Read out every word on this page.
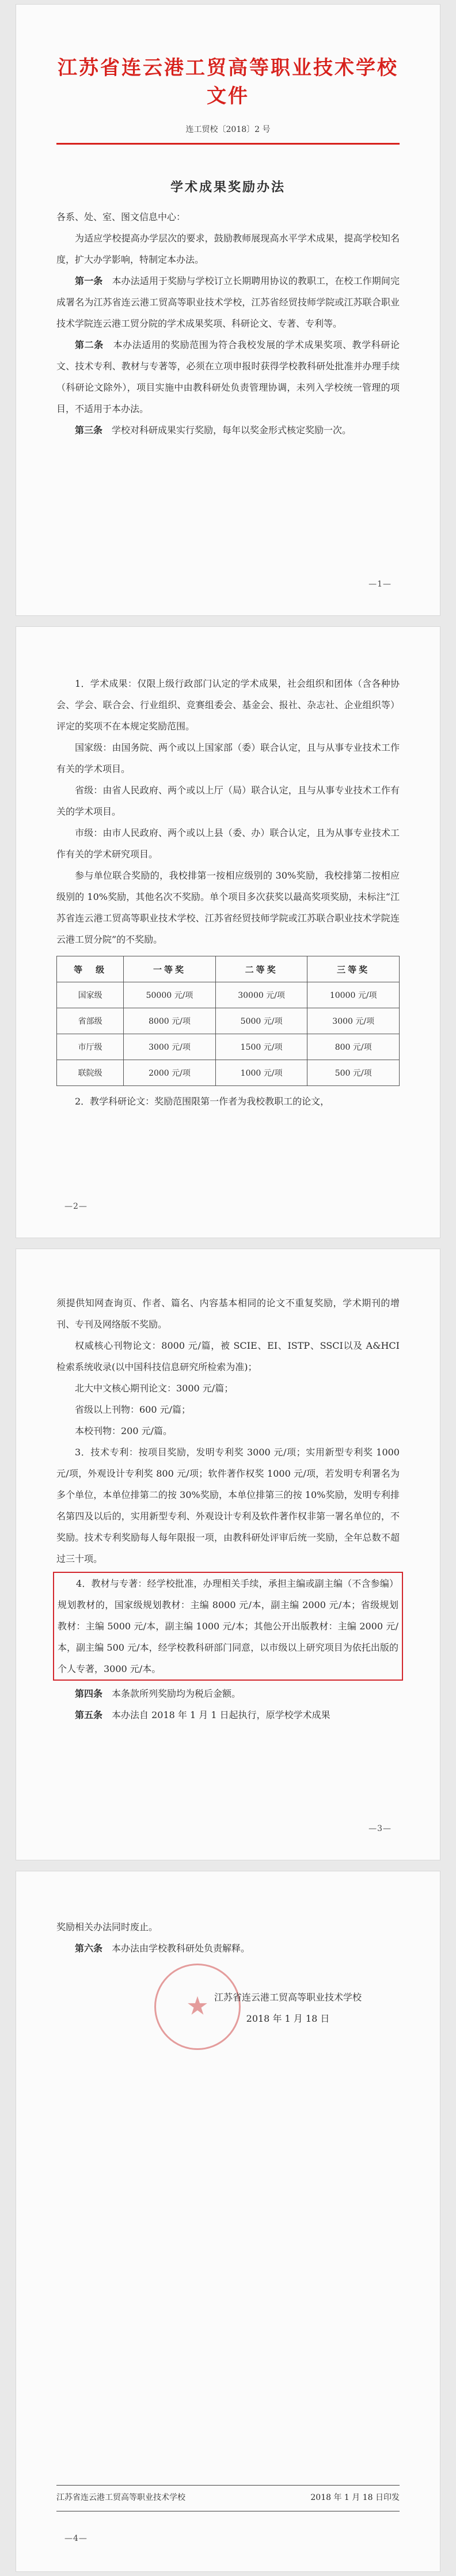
江苏省连云港工贸高等职业技术学校文件
连工贸校〔2018〕2 号
学术成果奖励办法

各系、处、室、图文信息中心：

为适应学校提高办学层次的要求，鼓励教师展现高水平学术成果，提高学校知名度，扩大办学影响，特制定本办法。

第一条　 本办法适用于奖励与学校订立长期聘用协议的教职工，在校工作期间完成署名为江苏省连云港工贸高等职业技术学校，江苏省经贸技师学院或江苏联合职业技术学院连云港工贸分院的学术成果奖项、科研论文、专著、专利等。

第二条　 本办法适用的奖励范围为符合我校发展的学术成果奖项、教学科研论文、技术专利、教材与专著等，必须在立项申报时获得学校教科研处批准并办理手续（科研论文除外），项目实施中由教科研处负责管理协调，未列入学校统一管理的项目，不适用于本办法。

第三条　 学校对科研成果实行奖励，每年以奖金形式核定奖励一次。

—1—

1．学术成果：仅限上级行政部门认定的学术成果，社会组织和团体（含各种协会、学会、联合会、行业组织、竞赛组委会、基金会、报社、杂志社、企业组织等）评定的奖项不在本规定奖励范围。

国家级：由国务院、两个或以上国家部（委）联合认定，且与从事专业技术工作有关的学术项目。

省级：由省人民政府、两个或以上厅（局）联合认定，且与从事专业技术工作有关的学术项目。

市级：由市人民政府、两个或以上县（委、办）联合认定，且为从事专业技术工作有关的学术研究项目。

参与单位联合奖励的，我校排第一按相应级别的 30%奖励，我校排第二按相应级别的 10%奖励，其他名次不奖励。单个项目多次获奖以最高奖项奖励，未标注“江苏省连云港工贸高等职业技术学校、江苏省经贸技师学院或江苏联合职业技术学院连云港工贸分院”的不奖励。

等　级	一等奖	二等奖	三等奖
国家级	50000 元/项	30000 元/项	10000 元/项
省部级	8000 元/项	5000 元/项	3000 元/项
市厅级	3000 元/项	1500 元/项	800 元/项
联院级	2000 元/项	1000 元/项	500 元/项

2．教学科研论文：奖励范围限第一作者为我校教职工的论文，

—2—

须提供知网查询页、作者、篇名、内容基本相同的论文不重复奖励，学术期刊的增刊、专刊及网络版不奖励。

权威核心刊物论文：8000 元/篇，被 SCIE、EI、ISTP、SSCI以及 A&HCI 检索系统收录(以中国科技信息研究所检索为准)；

北大中文核心期刊论文：3000 元/篇；

省级以上刊物：600 元/篇；

本校刊物：200 元/篇。

3．技术专利：按项目奖励，发明专利奖 3000 元/项；实用新型专利奖 1000 元/项，外观设计专利奖 800 元/项；软件著作权奖 1000 元/项，若发明专利署名为多个单位，本单位排第二的按 30%奖励，本单位排第三的按 10%奖励，发明专利排名第四及以后的，实用新型专利、外观设计专利及软件著作权非第一署名单位的，不奖励。技术专利奖励每人每年限报一项，由教科研处评审后统一奖励，全年总数不超过三十项。

4．教材与专著：经学校批准，办理相关手续，承担主编或副主编（不含参编）规划教材的，国家级规划教材：主编 8000 元/本，副主编 2000 元/本；省级规划教材：主编 5000 元/本，副主编 1000 元/本；其他公开出版教材：主编 2000 元/本，副主编 500 元/本，经学校教科研部门同意，以市级以上研究项目为依托出版的个人专著，3000 元/本。

第四条　 本条款所列奖励均为税后金额。

第五条　 本办法自 2018 年 1 月 1 日起执行，原学校学术成果

—3—

奖励相关办法同时废止。

第六条　 本办法由学校教科研处负责解释。

★
江苏省连云港工贸高等职业技术学校
2018 年 1 月 18 日
江苏省连云港工贸高等职业技术学校	2018 年 1 月 18 日印发
—4—
